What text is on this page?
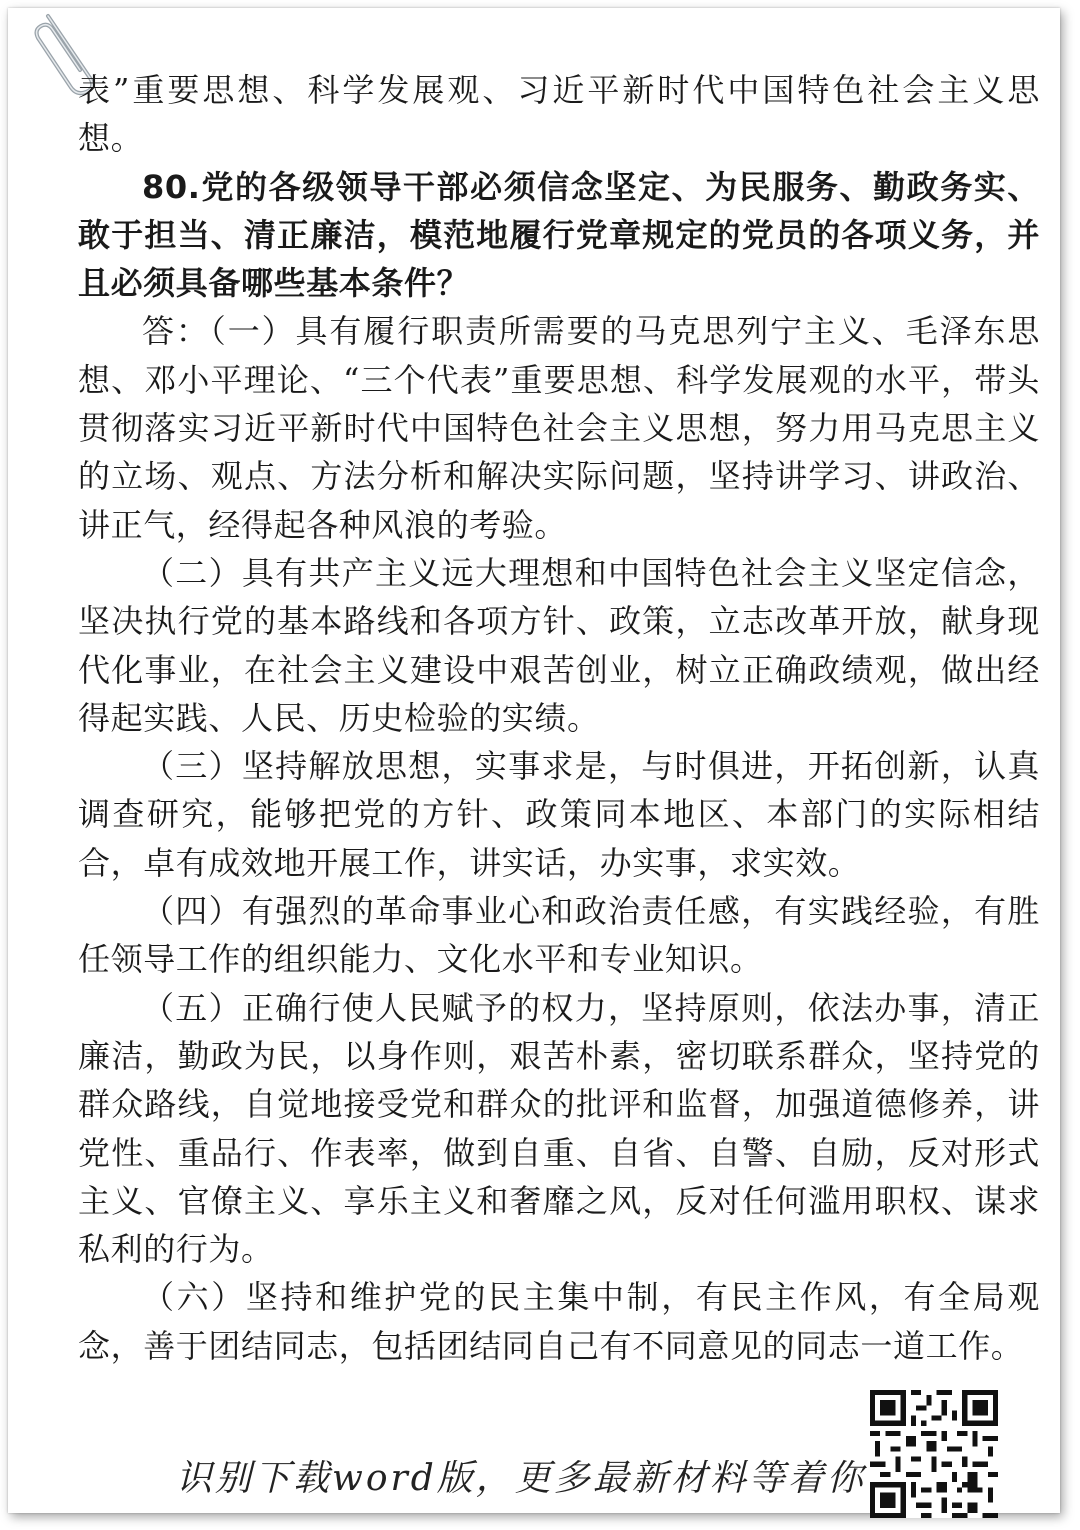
表”重要思想、科学发展观、习近平新时代中国特色社会主义思想。

80.党的各级领导干部必须信念坚定、为民服务、勤政务实、敢于担当、清正廉洁，模范地履行党章规定的党员的各项义务，并且必须具备哪些基本条件？

答：（一）具有履行职责所需要的马克思列宁主义、毛泽东思想、邓小平理论、“三个代表”重要思想、科学发展观的水平，带头贯彻落实习近平新时代中国特色社会主义思想，努力用马克思主义的立场、观点、方法分析和解决实际问题，坚持讲学习、讲政治、讲正气，经得起各种风浪的考验。

（二）具有共产主义远大理想和中国特色社会主义坚定信念，坚决执行党的基本路线和各项方针、政策，立志改革开放，献身现代化事业，在社会主义建设中艰苦创业，树立正确政绩观，做出经得起实践、人民、历史检验的实绩。

（三）坚持解放思想，实事求是，与时俱进，开拓创新，认真调查研究，能够把党的方针、政策同本地区、本部门的实际相结合，卓有成效地开展工作，讲实话，办实事，求实效。

（四）有强烈的革命事业心和政治责任感，有实践经验，有胜任领导工作的组织能力、文化水平和专业知识。

（五）正确行使人民赋予的权力，坚持原则，依法办事，清正廉洁，勤政为民，以身作则，艰苦朴素，密切联系群众，坚持党的群众路线，自觉地接受党和群众的批评和监督，加强道德修养，讲党性、重品行、作表率，做到自重、自省、自警、自励，反对形式主义、官僚主义、享乐主义和奢靡之风，反对任何滥用职权、谋求私利的行为。

（六）坚持和维护党的民主集中制，有民主作风，有全局观念，善于团结同志，包括团结同自己有不同意见的同志一道工作。

识别下载word版，更多最新材料等着你
